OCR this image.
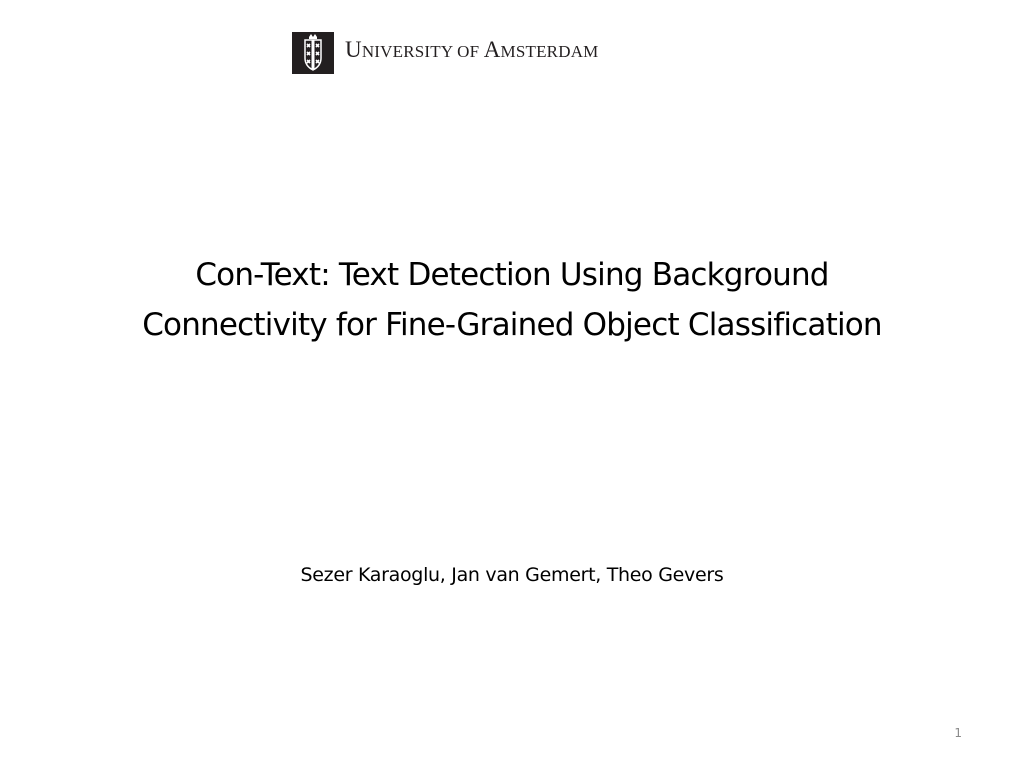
UNIVERSITY OF AMSTERDAM
Con-Text: Text Detection Using Background
Connectivity for Fine-Grained Object Classification
Sezer Karaoglu, Jan van Gemert, Theo Gevers
1
